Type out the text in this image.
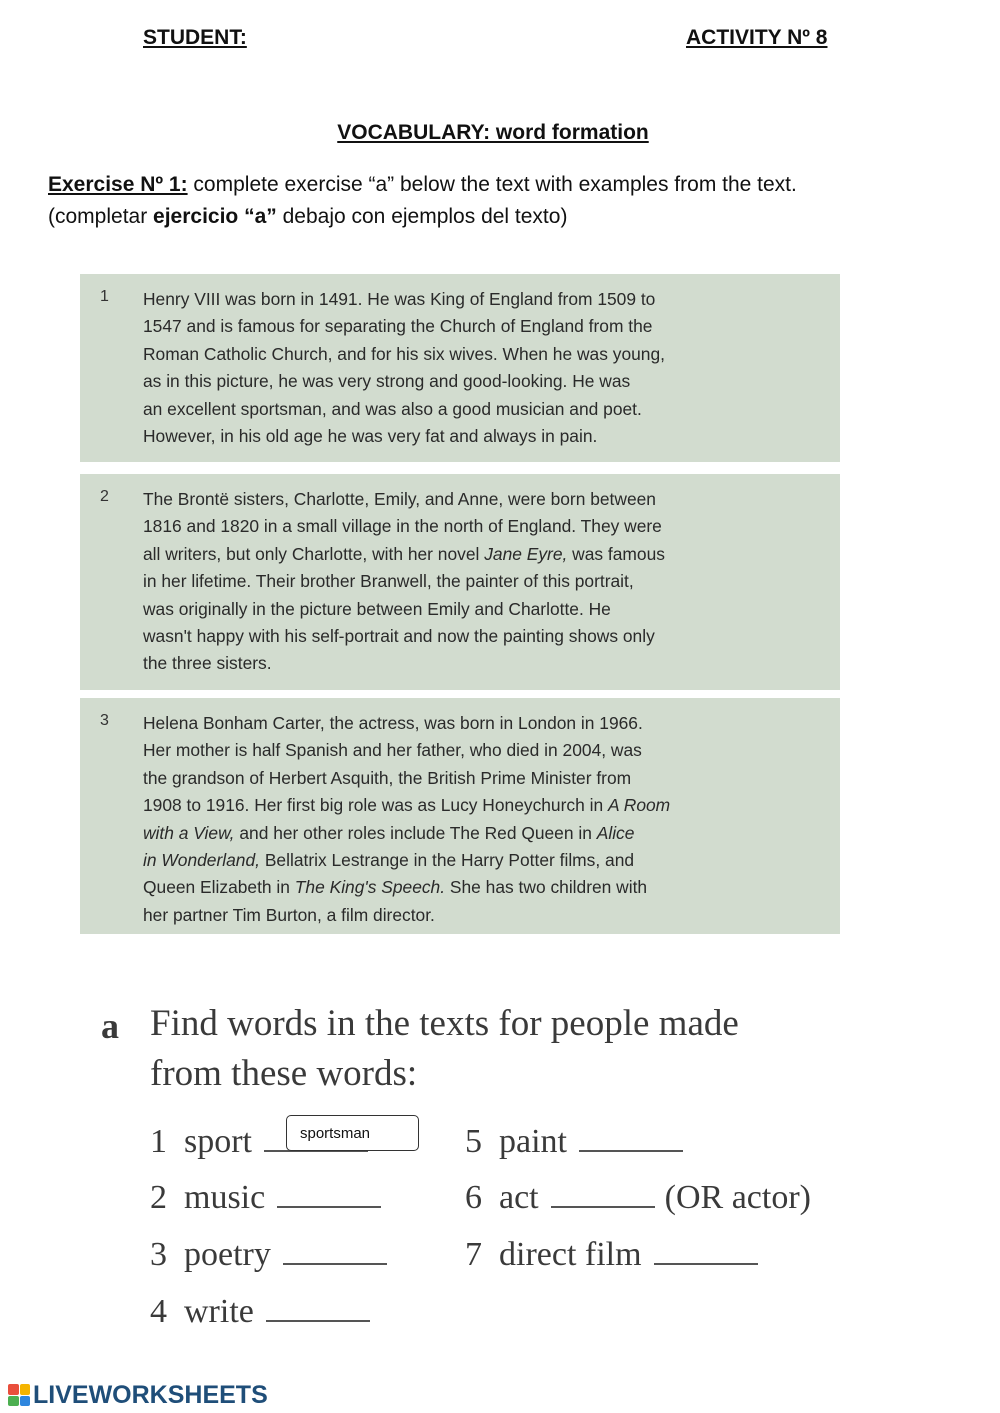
STUDENT:	ACTIVITY Nº 8
VOCABULARY: word formation
Exercise Nº 1: complete exercise “a” below the text with examples from the text.
(completar ejercicio “a” debajo con ejemplos del texto)
1 Henry VIII was born in 1491. He was King of England from 1509 to
1547 and is famous for separating the Church of England from the
Roman Catholic Church, and for his six wives. When he was young,
as in this picture, he was very strong and good-looking. He was
an excellent sportsman, and was also a good musician and poet.
However, in his old age he was very fat and always in pain.
2 The Brontë sisters, Charlotte, Emily, and Anne, were born between
1816 and 1820 in a small village in the north of England. They were
all writers, but only Charlotte, with her novel Jane Eyre, was famous
in her lifetime. Their brother Branwell, the painter of this portrait,
was originally in the picture between Emily and Charlotte. He
wasn't happy with his self-portrait and now the painting shows only
the three sisters.
3 Helena Bonham Carter, the actress, was born in London in 1966.
Her mother is half Spanish and her father, who died in 2004, was
the grandson of Herbert Asquith, the British Prime Minister from
1908 to 1916. Her first big role was as Lucy Honeychurch in A Room
with a View, and her other roles include The Red Queen in Alice
in Wonderland, Bellatrix Lestrange in the Harry Potter films, and
Queen Elizabeth in The King's Speech. She has two children with
her partner Tim Burton, a film director.
a Find words in the texts for people made
from these words:
1 sport
2 music
3 poetry
4 write
5 paint
6 act	(OR actor)
7 direct film
sportsman
LIVEWORKSHEETS
